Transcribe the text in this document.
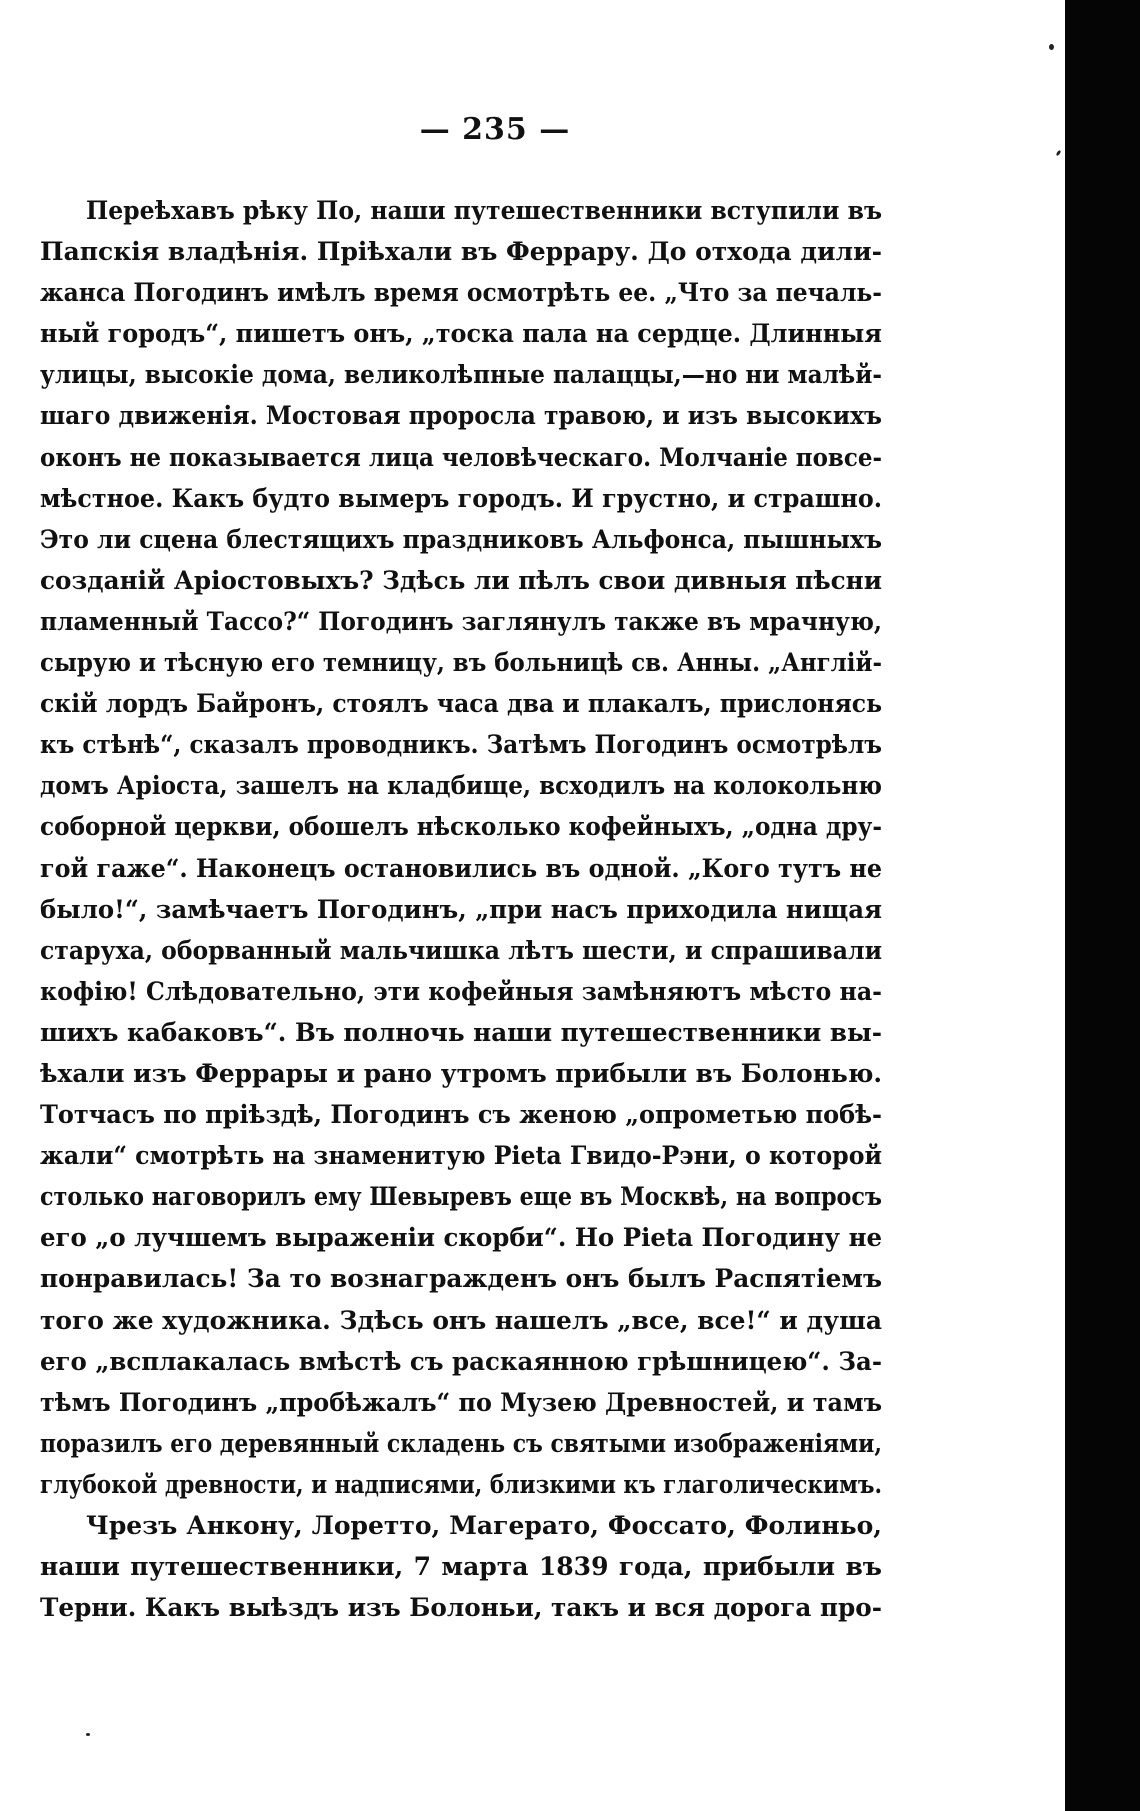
— 235 —
Переѣхавъ рѣку По, наши путешественники вступили въ
Папскія владѣнія. Пріѣхали въ Феррару. До отхода дили-
жанса Погодинъ имѣлъ время осмотрѣть ее. „Что за печаль-
ный городъ“, пишетъ онъ, „тоска пала на сердце. Длинныя
улицы, высокіе дома, великолѣпные палаццы,—но ни малѣй-
шаго движенія. Мостовая проросла травою, и изъ высокихъ
оконъ не показывается лица человѣческаго. Молчаніе повсе-
мѣстное. Какъ будто вымеръ городъ. И грустно, и страшно.
Это ли сцена блестящихъ праздниковъ Альфонса, пышныхъ
созданій Аріостовыхъ? Здѣсь ли пѣлъ свои дивныя пѣсни
пламенный Тассо?“ Погодинъ заглянулъ также въ мрачную,
сырую и тѣсную его темницу, въ больницѣ св. Анны. „Англій-
скій лордъ Байронъ, стоялъ часа два и плакалъ, прислонясь
къ стѣнѣ“, сказалъ проводникъ. Затѣмъ Погодинъ осмотрѣлъ
домъ Аріоста, зашелъ на кладбище, всходилъ на колокольню
соборной церкви, обошелъ нѣсколько кофейныхъ, „одна дру-
гой гаже“. Наконецъ остановились въ одной. „Кого тутъ не
было!“, замѣчаетъ Погодинъ, „при насъ приходила нищая
старуха, оборванный мальчишка лѣтъ шести, и спрашивали
кофію! Слѣдовательно, эти кофейныя замѣняютъ мѣсто на-
шихъ кабаковъ“. Въ полночь наши путешественники вы-
ѣхали изъ Феррары и рано утромъ прибыли въ Болонью.
Тотчасъ по пріѣздѣ, Погодинъ съ женою „опрометью побѣ-
жали“ смотрѣть на знаменитую Pieta Гвидо-Рэни, о которой
столько наговорилъ ему Шевыревъ еще въ Москвѣ, на вопросъ
его „о лучшемъ выраженіи скорби“. Но Pieta Погодину не
понравилась! За то вознагражденъ онъ былъ Распятіемъ
того же художника. Здѣсь онъ нашелъ „все, все!“ и душа
его „всплакалась вмѣстѣ съ раскаянною грѣшницею“. За-
тѣмъ Погодинъ „пробѣжалъ“ по Музею Древностей, и тамъ
поразилъ его деревянный складень съ святыми изображеніями,
глубокой древности, и надписями, близкими къ глаголическимъ.
Чрезъ Анкону, Лоретто, Магерато, Фоссато, Фолиньо,
наши путешественники, 7 марта 1839 года, прибыли въ
Терни. Какъ выѣздъ изъ Болоньи, такъ и вся дорога про-
